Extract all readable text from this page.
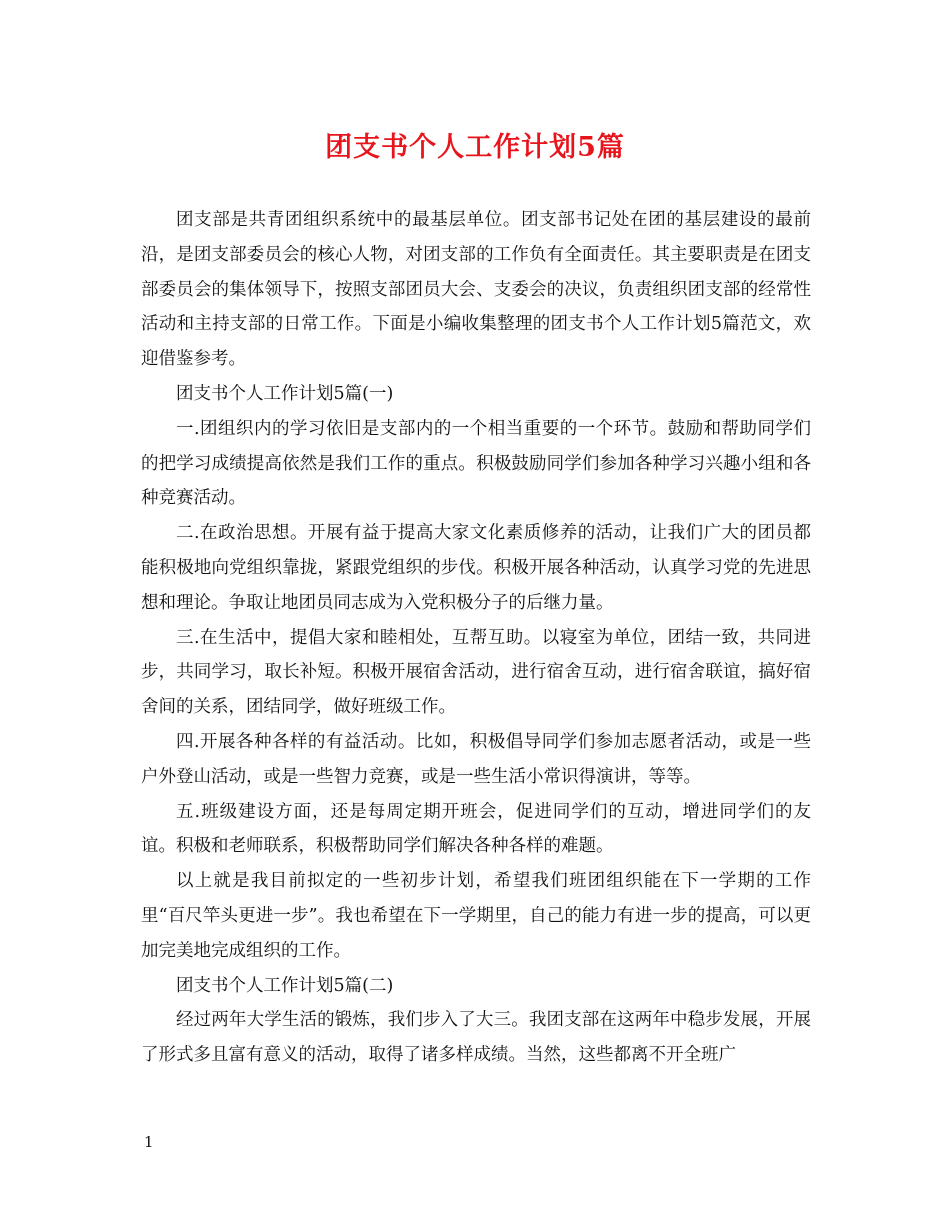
团支书个人工作计划5篇

团支部是共青团组织系统中的最基层单位。团支部书记处在团的基层建设的最前沿，是团支部委员会的核心人物，对团支部的工作负有全面责任。其主要职责是在团支部委员会的集体领导下，按照支部团员大会、支委会的决议，负责组织团支部的经常性活动和主持支部的日常工作。下面是小编收集整理的团支书个人工作计划5篇范文，欢迎借鉴参考。

团支书个人工作计划5篇(一)

一.团组织内的学习依旧是支部内的一个相当重要的一个环节。鼓励和帮助同学们的把学习成绩提高依然是我们工作的重点。积极鼓励同学们参加各种学习兴趣小组和各种竞赛活动。

二.在政治思想。开展有益于提高大家文化素质修养的活动，让我们广大的团员都能积极地向党组织靠拢，紧跟党组织的步伐。积极开展各种活动，认真学习党的先进思想和理论。争取让地团员同志成为入党积极分子的后继力量。

三.在生活中，提倡大家和睦相处，互帮互助。以寝室为单位，团结一致，共同进步，共同学习，取长补短。积极开展宿舍活动，进行宿舍互动，进行宿舍联谊，搞好宿舍间的关系，团结同学，做好班级工作。

四.开展各种各样的有益活动。比如，积极倡导同学们参加志愿者活动，或是一些户外登山活动，或是一些智力竞赛，或是一些生活小常识得演讲，等等。

五.班级建设方面，还是每周定期开班会，促进同学们的互动，增进同学们的友谊。积极和老师联系，积极帮助同学们解决各种各样的难题。

以上就是我目前拟定的一些初步计划，希望我们班团组织能在下一学期的工作里“百尺竿头更进一步”。我也希望在下一学期里，自己的能力有进一步的提高，可以更加完美地完成组织的工作。

团支书个人工作计划5篇(二)

经过两年大学生活的锻炼，我们步入了大三。我团支部在这两年中稳步发展，开展了形式多且富有意义的活动，取得了诸多样成绩。当然，这些都离不开全班广

1
